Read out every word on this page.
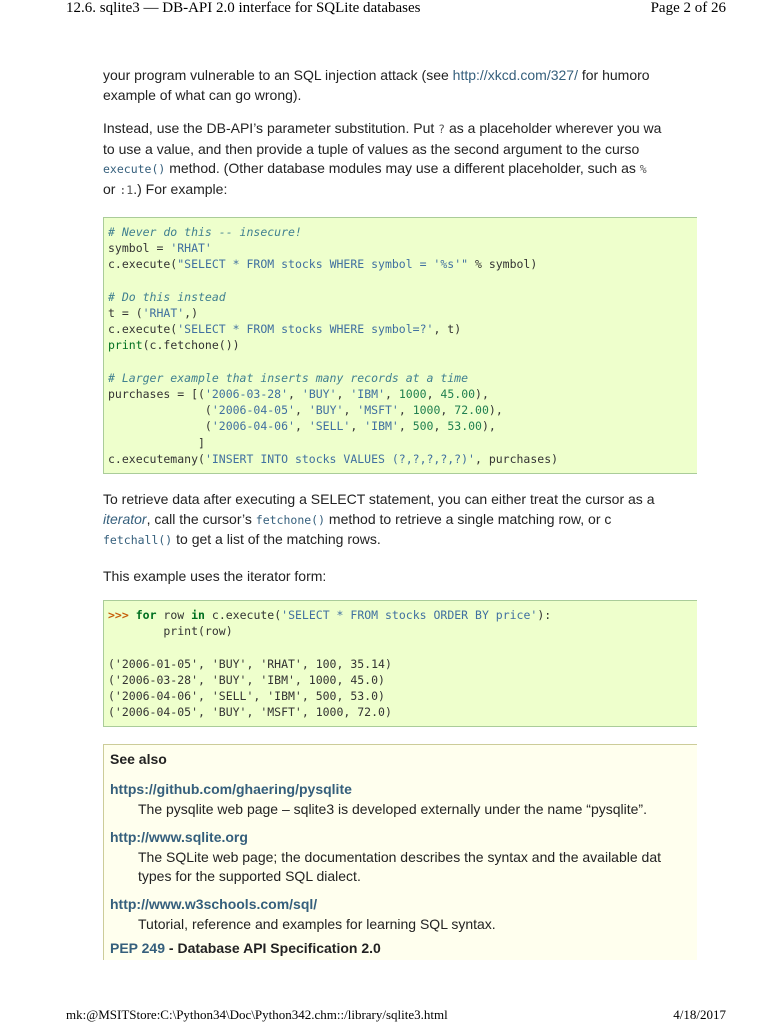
12.6. sqlite3 — DB-API 2.0 interface for SQLite databases	Page 2 of 26

your program vulnerable to an SQL injection attack (see http://xkcd.com/327/ for humoro
example of what can go wrong).

Instead, use the DB-API’s parameter substitution. Put ? as a placeholder wherever you wa
to use a value, and then provide a tuple of values as the second argument to the curso
execute() method. (Other database modules may use a different placeholder, such as %
or :1.) For example:

# Never do this -- insecure!
symbol = 'RHAT'
c.execute("SELECT * FROM stocks WHERE symbol = '%s'" % symbol)

# Do this instead
t = ('RHAT',)
c.execute('SELECT * FROM stocks WHERE symbol=?', t)
print(c.fetchone())

# Larger example that inserts many records at a time
purchases = [('2006-03-28', 'BUY', 'IBM', 1000, 45.00),
('2006-04-05', 'BUY', 'MSFT', 1000, 72.00),
('2006-04-06', 'SELL', 'IBM', 500, 53.00),
]
c.executemany('INSERT INTO stocks VALUES (?,?,?,?,?)', purchases)

To retrieve data after executing a SELECT statement, you can either treat the cursor as a
iterator, call the cursor’s fetchone() method to retrieve a single matching row, or c
fetchall() to get a list of the matching rows.

This example uses the iterator form:

>>> for row in c.execute('SELECT * FROM stocks ORDER BY price'):
print(row)

('2006-01-05', 'BUY', 'RHAT', 100, 35.14)
('2006-03-28', 'BUY', 'IBM', 1000, 45.0)
('2006-04-06', 'SELL', 'IBM', 500, 53.0)
('2006-04-05', 'BUY', 'MSFT', 1000, 72.0)
See also
https://github.com/ghaering/pysqlite
The pysqlite web page – sqlite3 is developed externally under the name “pysqlite”.
http://www.sqlite.org
The SQLite web page; the documentation describes the syntax and the available dat
types for the supported SQL dialect.
http://www.w3schools.com/sql/
Tutorial, reference and examples for learning SQL syntax.
PEP 249 - Database API Specification 2.0
mk:@MSITStore:C:\Python34\Doc\Python342.chm::/library/sqlite3.html	4/18/2017
